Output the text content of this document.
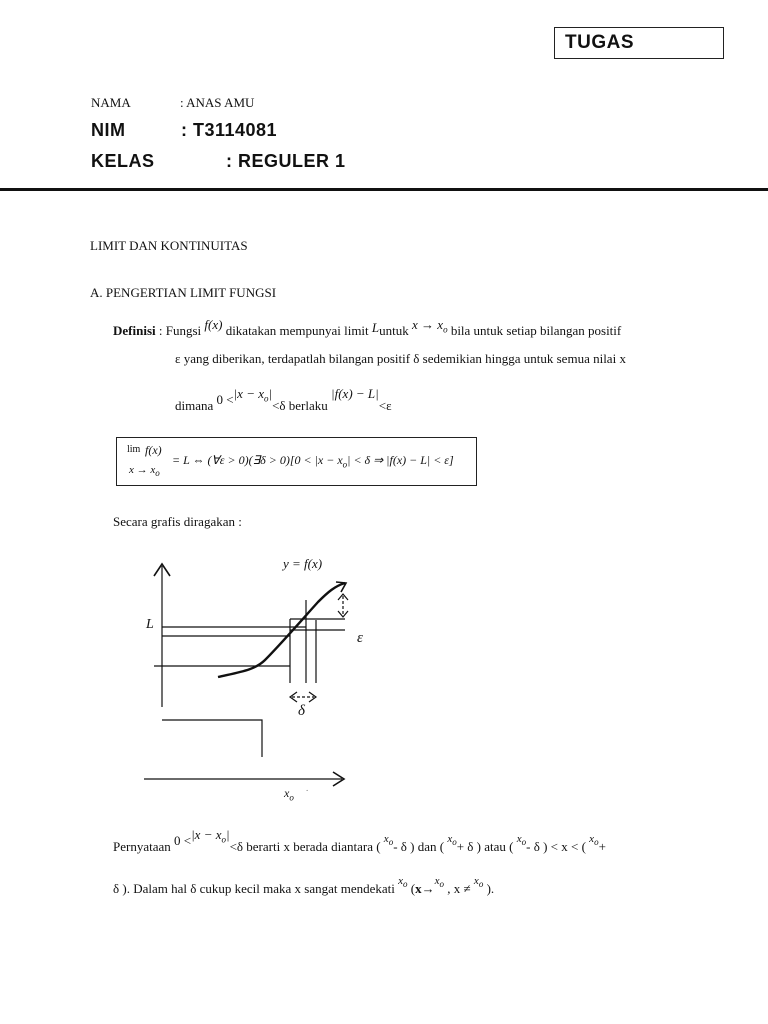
TUGAS
NAMA	: ANAS AMU
NIM	: T3114081
KELAS	: REGULER 1
LIMIT DAN KONTINUITAS
A. PENGERTIAN LIMIT FUNGSI
Definisi : Fungsi f(x) dikatakan mempunyai limit Luntuk $x \to x_o$ bila untuk setiap bilangan positif
ε yang diberikan, terdapatlah bilangan positif δ sedemikian hingga untuk semua nilai x
dimana $0 <|x - x_o|<\delta$ berlaku |f(x) − L|<ε
lim f(x)
$x \to x_o$
= L ⇔ (∀ε > 0)(∃δ > $0)[0 < |x - x_o| < \delta$ ⇒ |f(x) − L| < ε]
Secara grafis diragakan :
y = f(x)
L
ε
δ
$x_o$
.
Pernyataan $0 <|x - x_o|<\delta$ berarti x berada diantara ( $x_o-$ δ ) dan ( $x_o+ \delta$ ) atau ( $x_o-$ δ ) < x < ( $x_o+$
δ ). Dalam hal δ cukup kecil maka x sangat mendekati $x_o$ ($x\to x_o$ , $x \ne x_o$ ).
